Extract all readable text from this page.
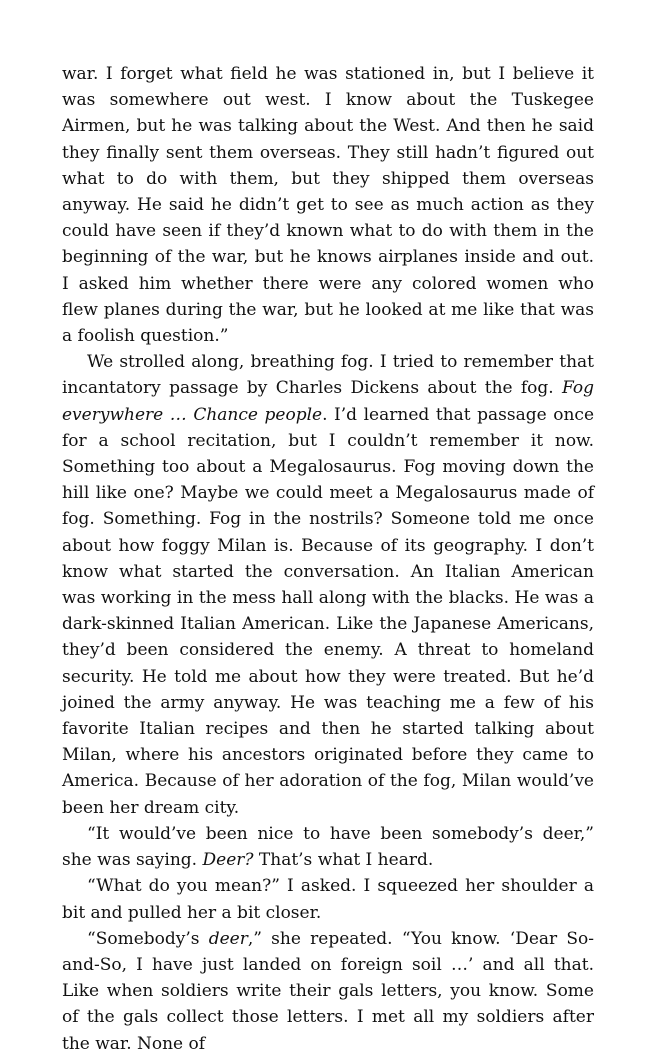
war. I forget what field he was stationed in, but I believe it was somewhere out west. I know about the Tuskegee Airmen, but he was talking about the West. And then he said they finally sent them overseas. They still hadn’t figured out what to do with them, but they shipped them overseas anyway. He said he didn’t get to see as much action as they could have seen if they’d known what to do with them in the beginning of the war, but he knows airplanes inside and out. I asked him whether there were any colored women who flew planes during the war, but he looked at me like that was a foolish question.”

We strolled along, breathing fog. I tried to remember that incantatory passage by Charles Dickens about the fog. Fog everywhere … Chance people. I’d learned that passage once for a school recitation, but I couldn’t remember it now. Something too about a Megalosaurus. Fog moving down the hill like one? Maybe we could meet a Megalosaurus made of fog. Something. Fog in the nostrils? Someone told me once about how foggy Milan is. Because of its geography. I don’t know what started the conversation. An Italian American was working in the mess hall along with the blacks. He was a dark-skinned Italian American. Like the Japanese Americans, they’d been considered the enemy. A threat to homeland security. He told me about how they were treated. But he’d joined the army anyway. He was teaching me a few of his favorite Italian recipes and then he started talking about Milan, where his ancestors originated before they came to America. Because of her adoration of the fog, Milan would’ve been her dream city.

“It would’ve been nice to have been somebody’s deer,” she was saying. Deer? That’s what I heard.

“What do you mean?” I asked. I squeezed her shoulder a bit and pulled her a bit closer.

“Somebody’s deer,” she repeated. “You know. ‘Dear So-and-So, I have just landed on foreign soil …’ and all that. Like when soldiers write their gals letters, you know. Some of the gals collect those letters. I met all my soldiers after the war. None of
